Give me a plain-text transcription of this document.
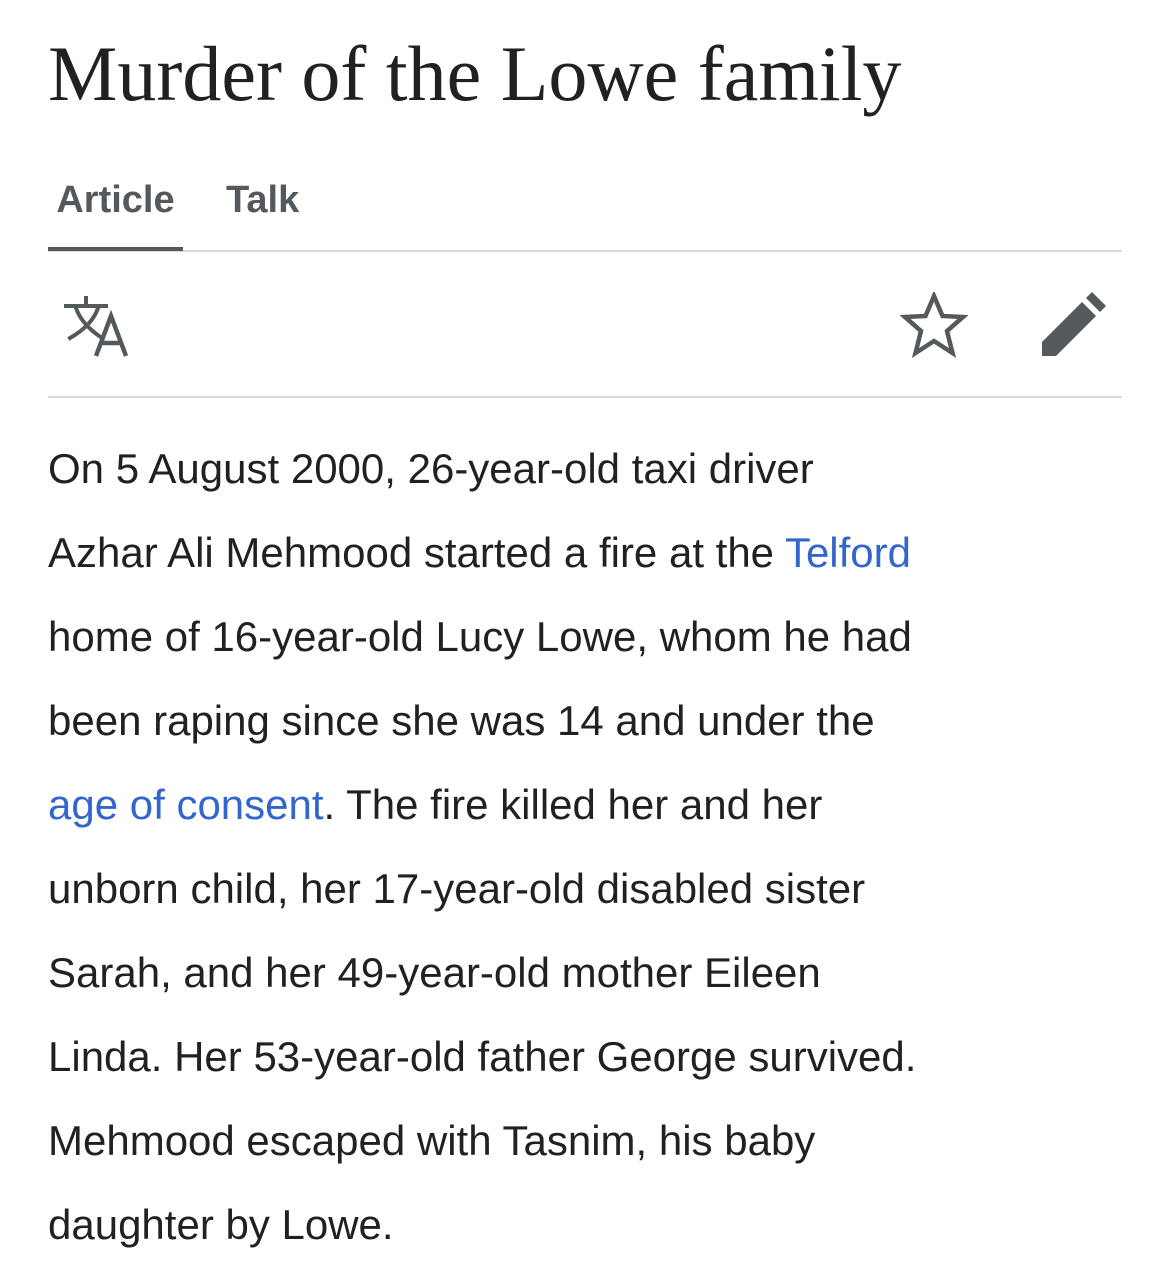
Murder of the Lowe family
Article Talk

On 5 August 2000, 26-year-old taxi driver
Azhar Ali Mehmood started a fire at the Telford
home of 16-year-old Lucy Lowe, whom he had
been raping since she was 14 and under the
age of consent. The fire killed her and her
unborn child, her 17-year-old disabled sister
Sarah, and her 49-year-old mother Eileen
Linda. Her 53-year-old father George survived.
Mehmood escaped with Tasnim, his baby
daughter by Lowe.
